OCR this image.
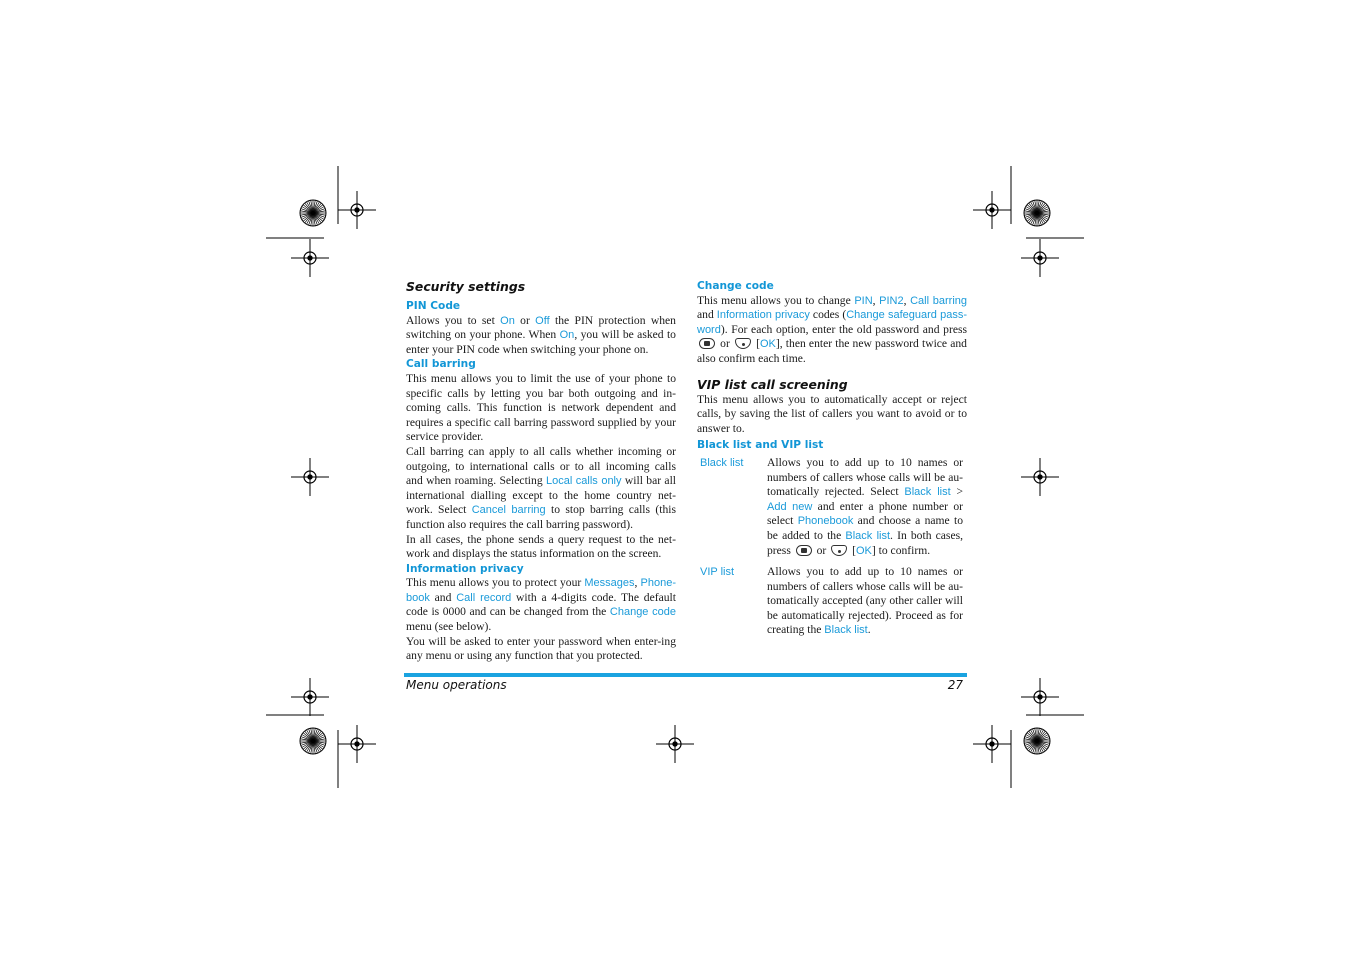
Security settings
PIN Code

Allows you to set On or Off the PIN protection when switching on your phone. When On, you will be asked to enter your PIN code when switching your phone on.

Call barring

This menu allows you to limit the use of your phone to specific calls by letting you bar both outgoing and in-coming calls. This function is network dependent and requires a specific call barring password supplied by your service provider.

Call barring can apply to all calls whether incoming or outgoing, to international calls or to all incoming calls and when roaming. Selecting Local calls only will bar all international dialling except to the home country net-work. Select Cancel barring to stop barring calls (this function also requires the call barring password).

In all cases, the phone sends a query request to the net-work and displays the status information on the screen.

Information privacy

This menu allows you to protect your Messages, Phone-book and Call record with a 4-digits code. The default code is 0000 and can be changed from the Change code menu (see below).

You will be asked to enter your password when enter-ing any menu or using any function that you protected.

Change code

This menu allows you to change PIN, PIN2, Call barring and Information privacy codes (Change safeguard pass-word). For each option, enter the old password and press
or
[OK], then enter the new password twice and also confirm each time.

VIP list call screening

This menu allows you to automatically accept or reject calls, by saving the list of callers you want to avoid or to answer to.

Black list and VIP list
Black list	Allows you to add up to 10 names or numbers of callers whose calls will be au-tomatically rejected. Select Black list > Add new and enter a phone number or select Phonebook and choose a name to be added to the Black list. In both cases, press
or
[OK] to confirm.
VIP list	Allows you to add up to 10 names or numbers of callers whose calls will be au-tomatically accepted (any other caller will be automatically rejected). Proceed as for creating the Black list.
Menu operations	27
